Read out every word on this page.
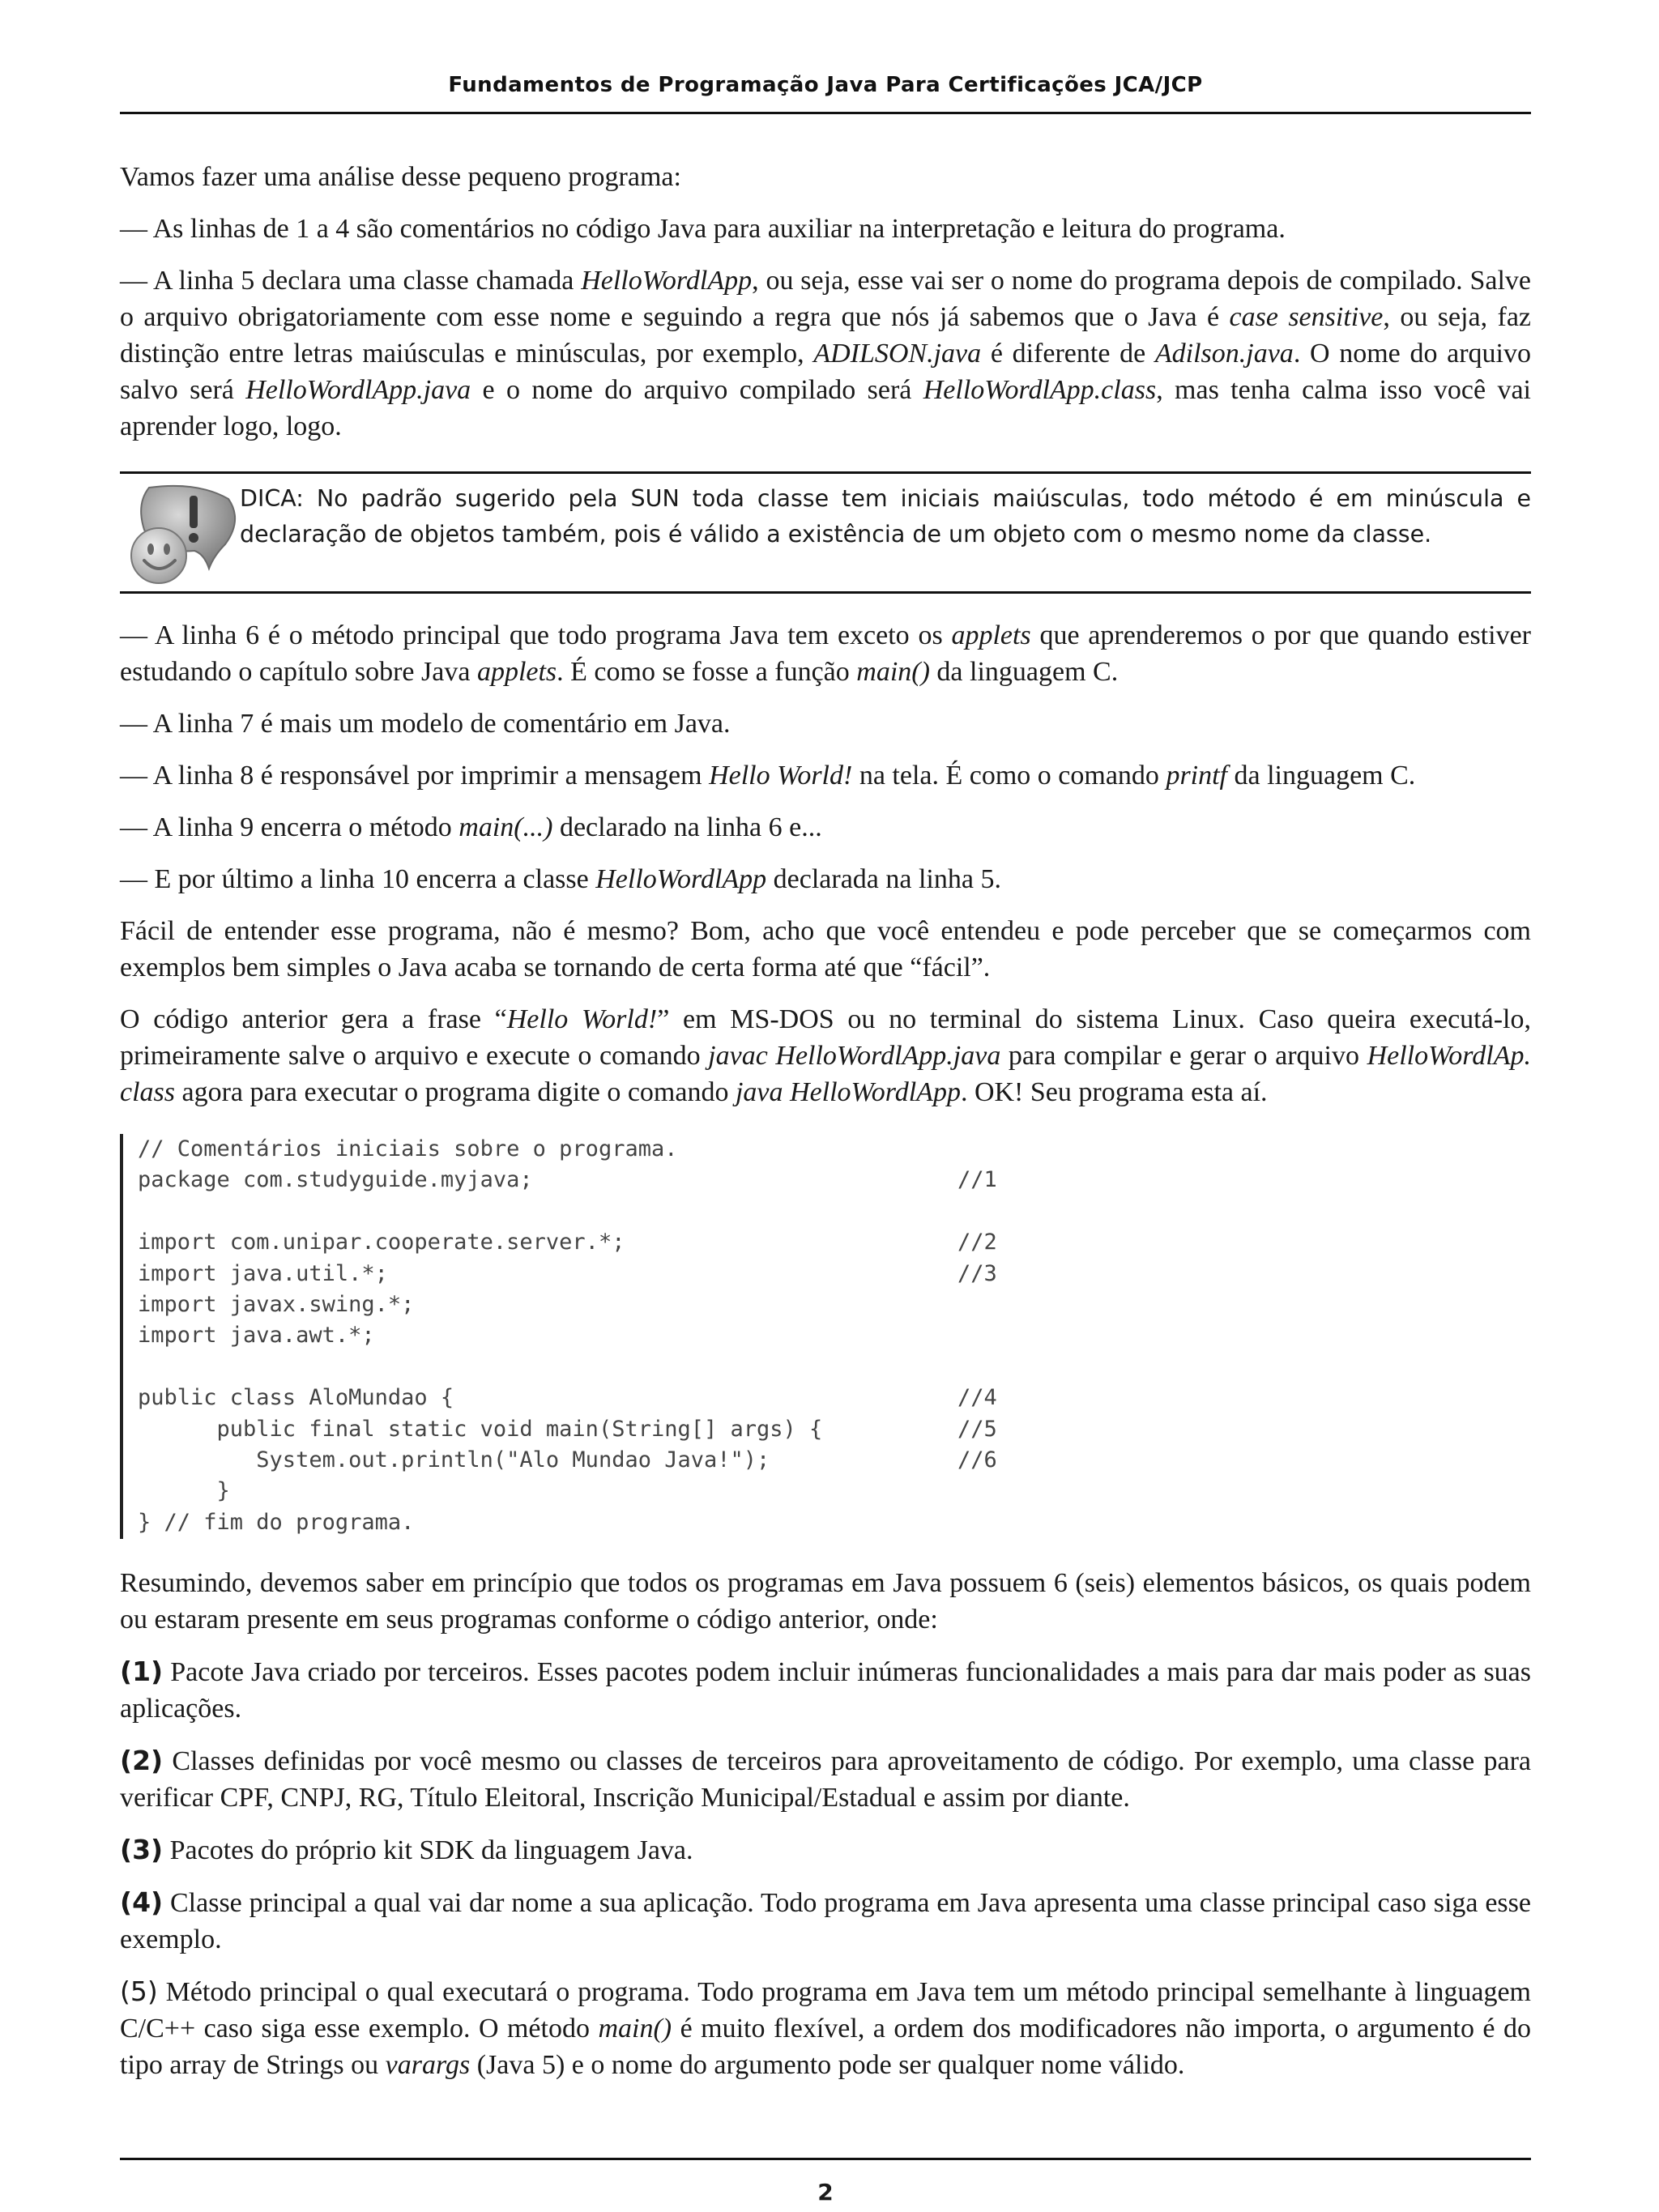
Fundamentos de Programação Java Para Certificações JCA/JCP

Vamos fazer uma análise desse pequeno programa:

— As linhas de 1 a 4 são comentários no código Java para auxiliar na interpretação e leitura do programa.

— A linha 5 declara uma classe chamada HelloWordlApp, ou seja, esse vai ser o nome do programa depois de compilado. Salve o arquivo obrigatoriamente com esse nome e seguindo a regra que nós já sabemos que o Java é case sensitive, ou seja, faz distinção entre letras maiúsculas e minúsculas, por exemplo, ADILSON.java é diferente de Adilson.java. O nome do arquivo salvo será HelloWordlApp.java e o nome do arquivo compilado será HelloWordlApp.class, mas tenha calma isso você vai aprender logo, logo.

DICA: No padrão sugerido pela SUN toda classe tem iniciais maiúsculas, todo método é em minúscula e declaração de objetos também, pois é válido a existência de um objeto com o mesmo nome da classe.

— A linha 6 é o método principal que todo programa Java tem exceto os applets que aprenderemos o por que quando estiver estudando o capítulo sobre Java applets. É como se fosse a função main() da linguagem C.

— A linha 7 é mais um modelo de comentário em Java.

— A linha 8 é responsável por imprimir a mensagem Hello World! na tela. É como o comando printf da linguagem C.

— A linha 9 encerra o método main(...) declarado na linha 6 e...

— E por último a linha 10 encerra a classe HelloWordlApp declarada na linha 5.

Fácil de entender esse programa, não é mesmo? Bom, acho que você entendeu e pode perceber que se começarmos com exemplos bem simples o Java acaba se tornando de certa forma até que “fácil”.

O código anterior gera a frase “Hello World!” em MS-DOS ou no terminal do sistema Linux. Caso queira executá-lo, primeiramente salve o arquivo e execute o comando javac HelloWordlApp.java para compilar e gerar o arquivo HelloWordlAp. class agora para executar o programa digite o comando java HelloWordlApp. OK! Seu programa esta aí.

// Comentários iniciais sobre o programa.
package com.studyguide.myjava;	//1
import com.unipar.cooperate.server.*;	//2
import java.util.*;	//3
import javax.swing.*;
import java.awt.*;
public class AloMundao {	//4
public final static void main(String[] args) {	//5
System.out.println("Alo Mundao Java!");	//6
}
} // fim do programa.

Resumindo, devemos saber em princípio que todos os programas em Java possuem 6 (seis) elementos básicos, os quais podem ou estaram presente em seus programas conforme o código anterior, onde:

(1) Pacote Java criado por terceiros. Esses pacotes podem incluir inúmeras funcionalidades a mais para dar mais poder as suas aplicações.

(2) Classes definidas por você mesmo ou classes de terceiros para aproveitamento de código. Por exemplo, uma classe para verificar CPF, CNPJ, RG, Título Eleitoral, Inscrição Municipal/Estadual e assim por diante.

(3) Pacotes do próprio kit SDK da linguagem Java.

(4) Classe principal a qual vai dar nome a sua aplicação. Todo programa em Java apresenta uma classe principal caso siga esse exemplo.

(5) Método principal o qual executará o programa. Todo programa em Java tem um método principal semelhante à linguagem C/C++ caso siga esse exemplo. O método main() é muito flexível, a ordem dos modificadores não importa, o argumento é do tipo array de Strings ou varargs (Java 5) e o nome do argumento pode ser qualquer nome válido.

2
